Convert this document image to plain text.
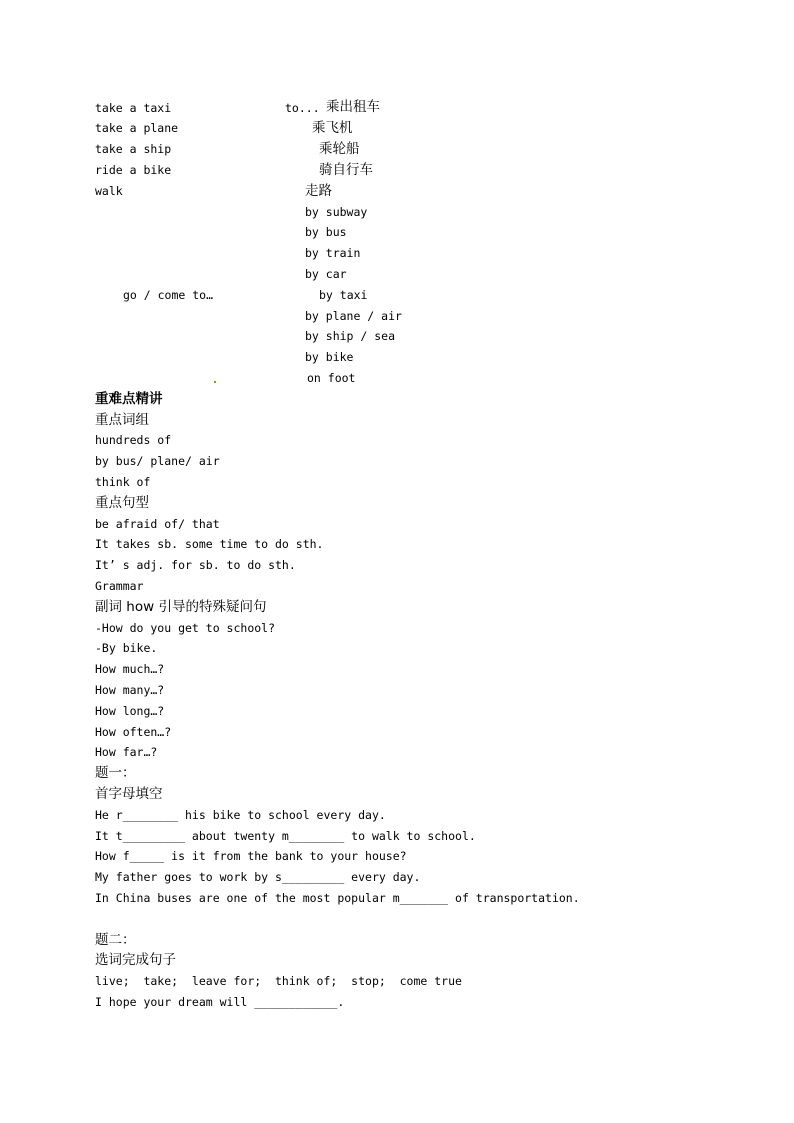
take a taxi
take a plane
take a ship
ride a bike
walk
to... 乘出租车
乘飞机
乘轮船
骑自行车
走路
by subway
by bus
by train
by car
go / come to…	by taxi
by plane / air
by ship / sea
by bike
on foot
重难点精讲
重点词组
hundreds of
by bus/ plane/ air
think of
重点句型
be afraid of/ that
It takes sb. some time to do sth.
It’ s adj. for sb. to do sth.
Grammar
副词 how 引导的特殊疑问句
-How do you get to school?
-By bike.
How much…?
How many…?
How long…?
How often…?
How far…?
题一：
首字母填空
He r________ his bike to school every day.
It t_________ about twenty m________ to walk to school.
How f_____ is it from the bank to your house?
My father goes to work by s_________ every day.
In China buses are one of the most popular m_______ of transportation.
题二：
选词完成句子
live;  take;  leave for;  think of;  stop;  come true
I hope your dream will ____________.
